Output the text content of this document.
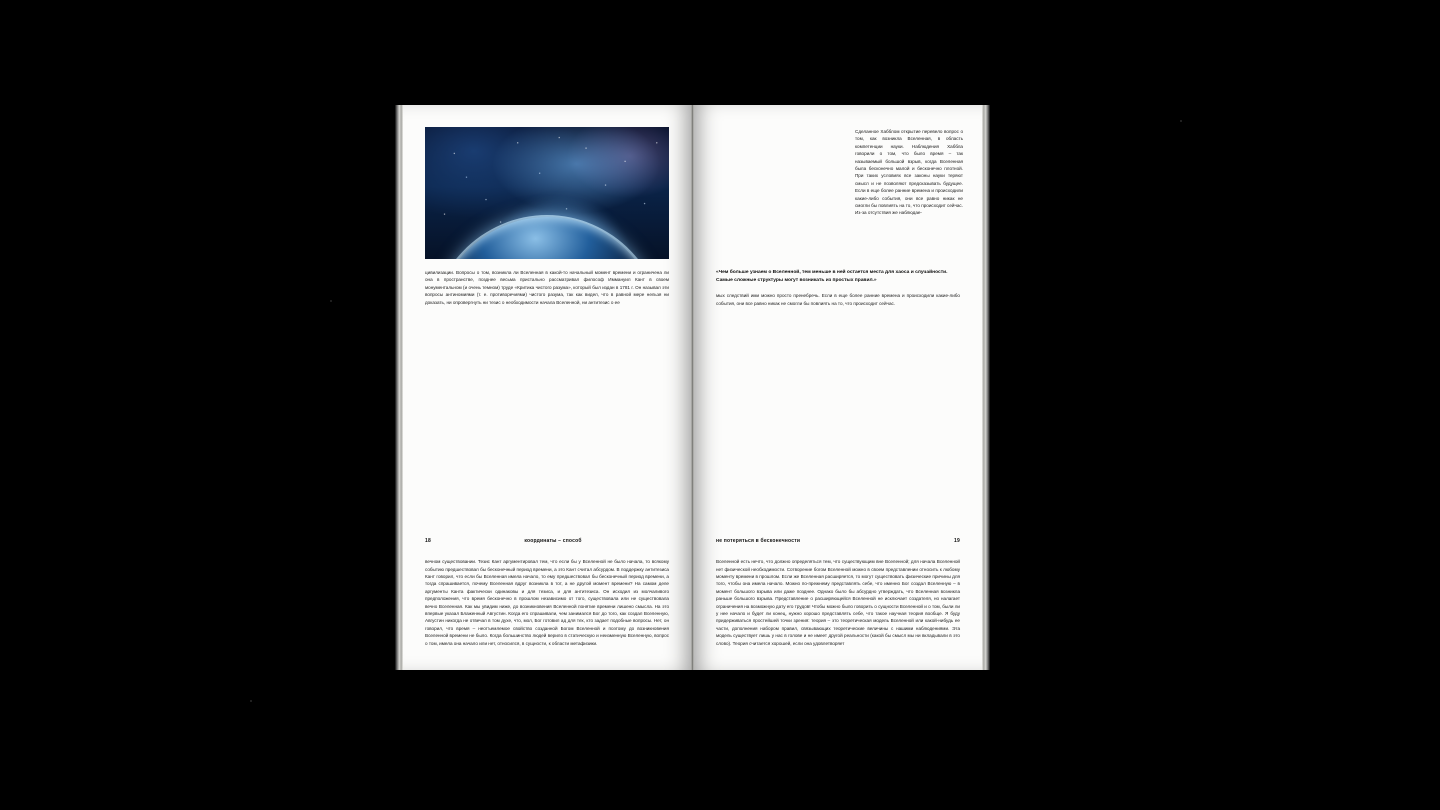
цивилизации. Вопросы о том, возникла ли Вселенная в какой-то начальный момент времени и ограничена ли она в пространстве, позднее весьма пристально рассматривал философ Иммануил Кант в своем монументальном (и очень темном) труде «Критика чистого разума», который был издан в 1781 г. Он называл эти вопросы антиномиями (т. е. противоречиями) чистого разума, так как видел, что в равной мере нельзя ни доказать, ни опровергнуть ни тезис о необходимости начала Вселенной, ни антитезис о ее

18	координаты – способ

вечном существовании. Тезис Кант аргументировал тем, что если бы у Вселенной не было начала, то всякому событию предшествовал бы бесконечный период времени, а это Кант считал абсурдом. В поддержку антитезиса Кант говорил, что если бы Вселенная имела начало, то ему предшествовал бы бесконечный период времени, а тогда спрашивается, почему Вселенная вдруг возникла в тот, а не другой момент времени? На самом деле аргументы Канта фактически одинаковы и для тезиса, и для антитезиса. Он исходил из молчаливого предположения, что время бесконечно в прошлом независимо от того, существовала или не существовала вечно Вселенная. Как мы увидим ниже, до возникновения Вселенной понятие времени лишено смысла. На это впервые указал Блаженный Августин. Когда его спрашивали, чем занимался Бог до того, как создал Вселенную, Августин никогда не отвечал в том духе, что, мол, Бог готовил ад для тех, кто задает подобные вопросы. Нет, он говорил, что время – неотъемлемое свойство созданной Богом Вселенной и поэтому до возникновения Вселенной времени не было. Когда большинство людей верило в статическую и неизменную Вселенную, вопрос о том, имела она начало или нет, относился, в сущности, к области метафизики.

«Чем больше узнаем о Вселенной, тем меньше в ней остается места для хаоса и случайности. Самые сложные структуры могут возникать из простых правил.»

мых следствий ими можно просто пренебречь. Если в еще более ранние времена и происходили какие-либо события, они все равно никак не смогли бы повлиять на то, что происходит сейчас.

не потеряться в бесконечности	19

Вселенной есть нечто, что должно определяться тем, что существующим вне Вселенной; для начала Вселенной нет физической необходимости. Сотворение богом Вселенной можно в своем представлении относить к любому моменту времени в прошлом. Если же Вселенная расширяется, то могут существовать физические причины для того, чтобы она имела начало. Можно по-прежнему представлять себе, что именно Бог создал Вселенную – в момент большого взрыва или даже позднее. Однако было бы абсурдно утверждать, что Вселенная возникла раньше большого взрыва. Представление о расширяющейся Вселенной не исключает создателя, но налагает ограничения на возможную дату его трудов! Чтобы можно было говорить о сущности Вселенной и о том, были ли у нее начало и будет ли конец, нужно хорошо представлять себе, что такое научная теория вообще. Я буду придерживаться простейшей точки зрения: теория – это теоретическая модель Вселенной или какой-нибудь ее части, дополнения набором правил, связывающих теоретические величины с нашими наблюдениями. Эта модель существует лишь у нас в голове и не имеет другой реальности (какой бы смысл мы ни вкладывали в это слово). Теория считается хорошей, если она удовлетворяет

Сделанное Хабблом открытие перевело вопрос о том, как возникла Вселенная, в область компетенции науки. Наблюдения Хаббла говорили о том, что было время – так называемый большой взрыв, когда Вселенная была бесконечно малой и бесконечно плотной. При таких условиях все законы науки теряют смысл и не позволяют предсказывать будущее. Если в еще более ранние времена и происходили какие-либо события, они все равно никак не смогли бы повлиять на то, что происходит сейчас. Из-за отсутствия же наблюдае-
